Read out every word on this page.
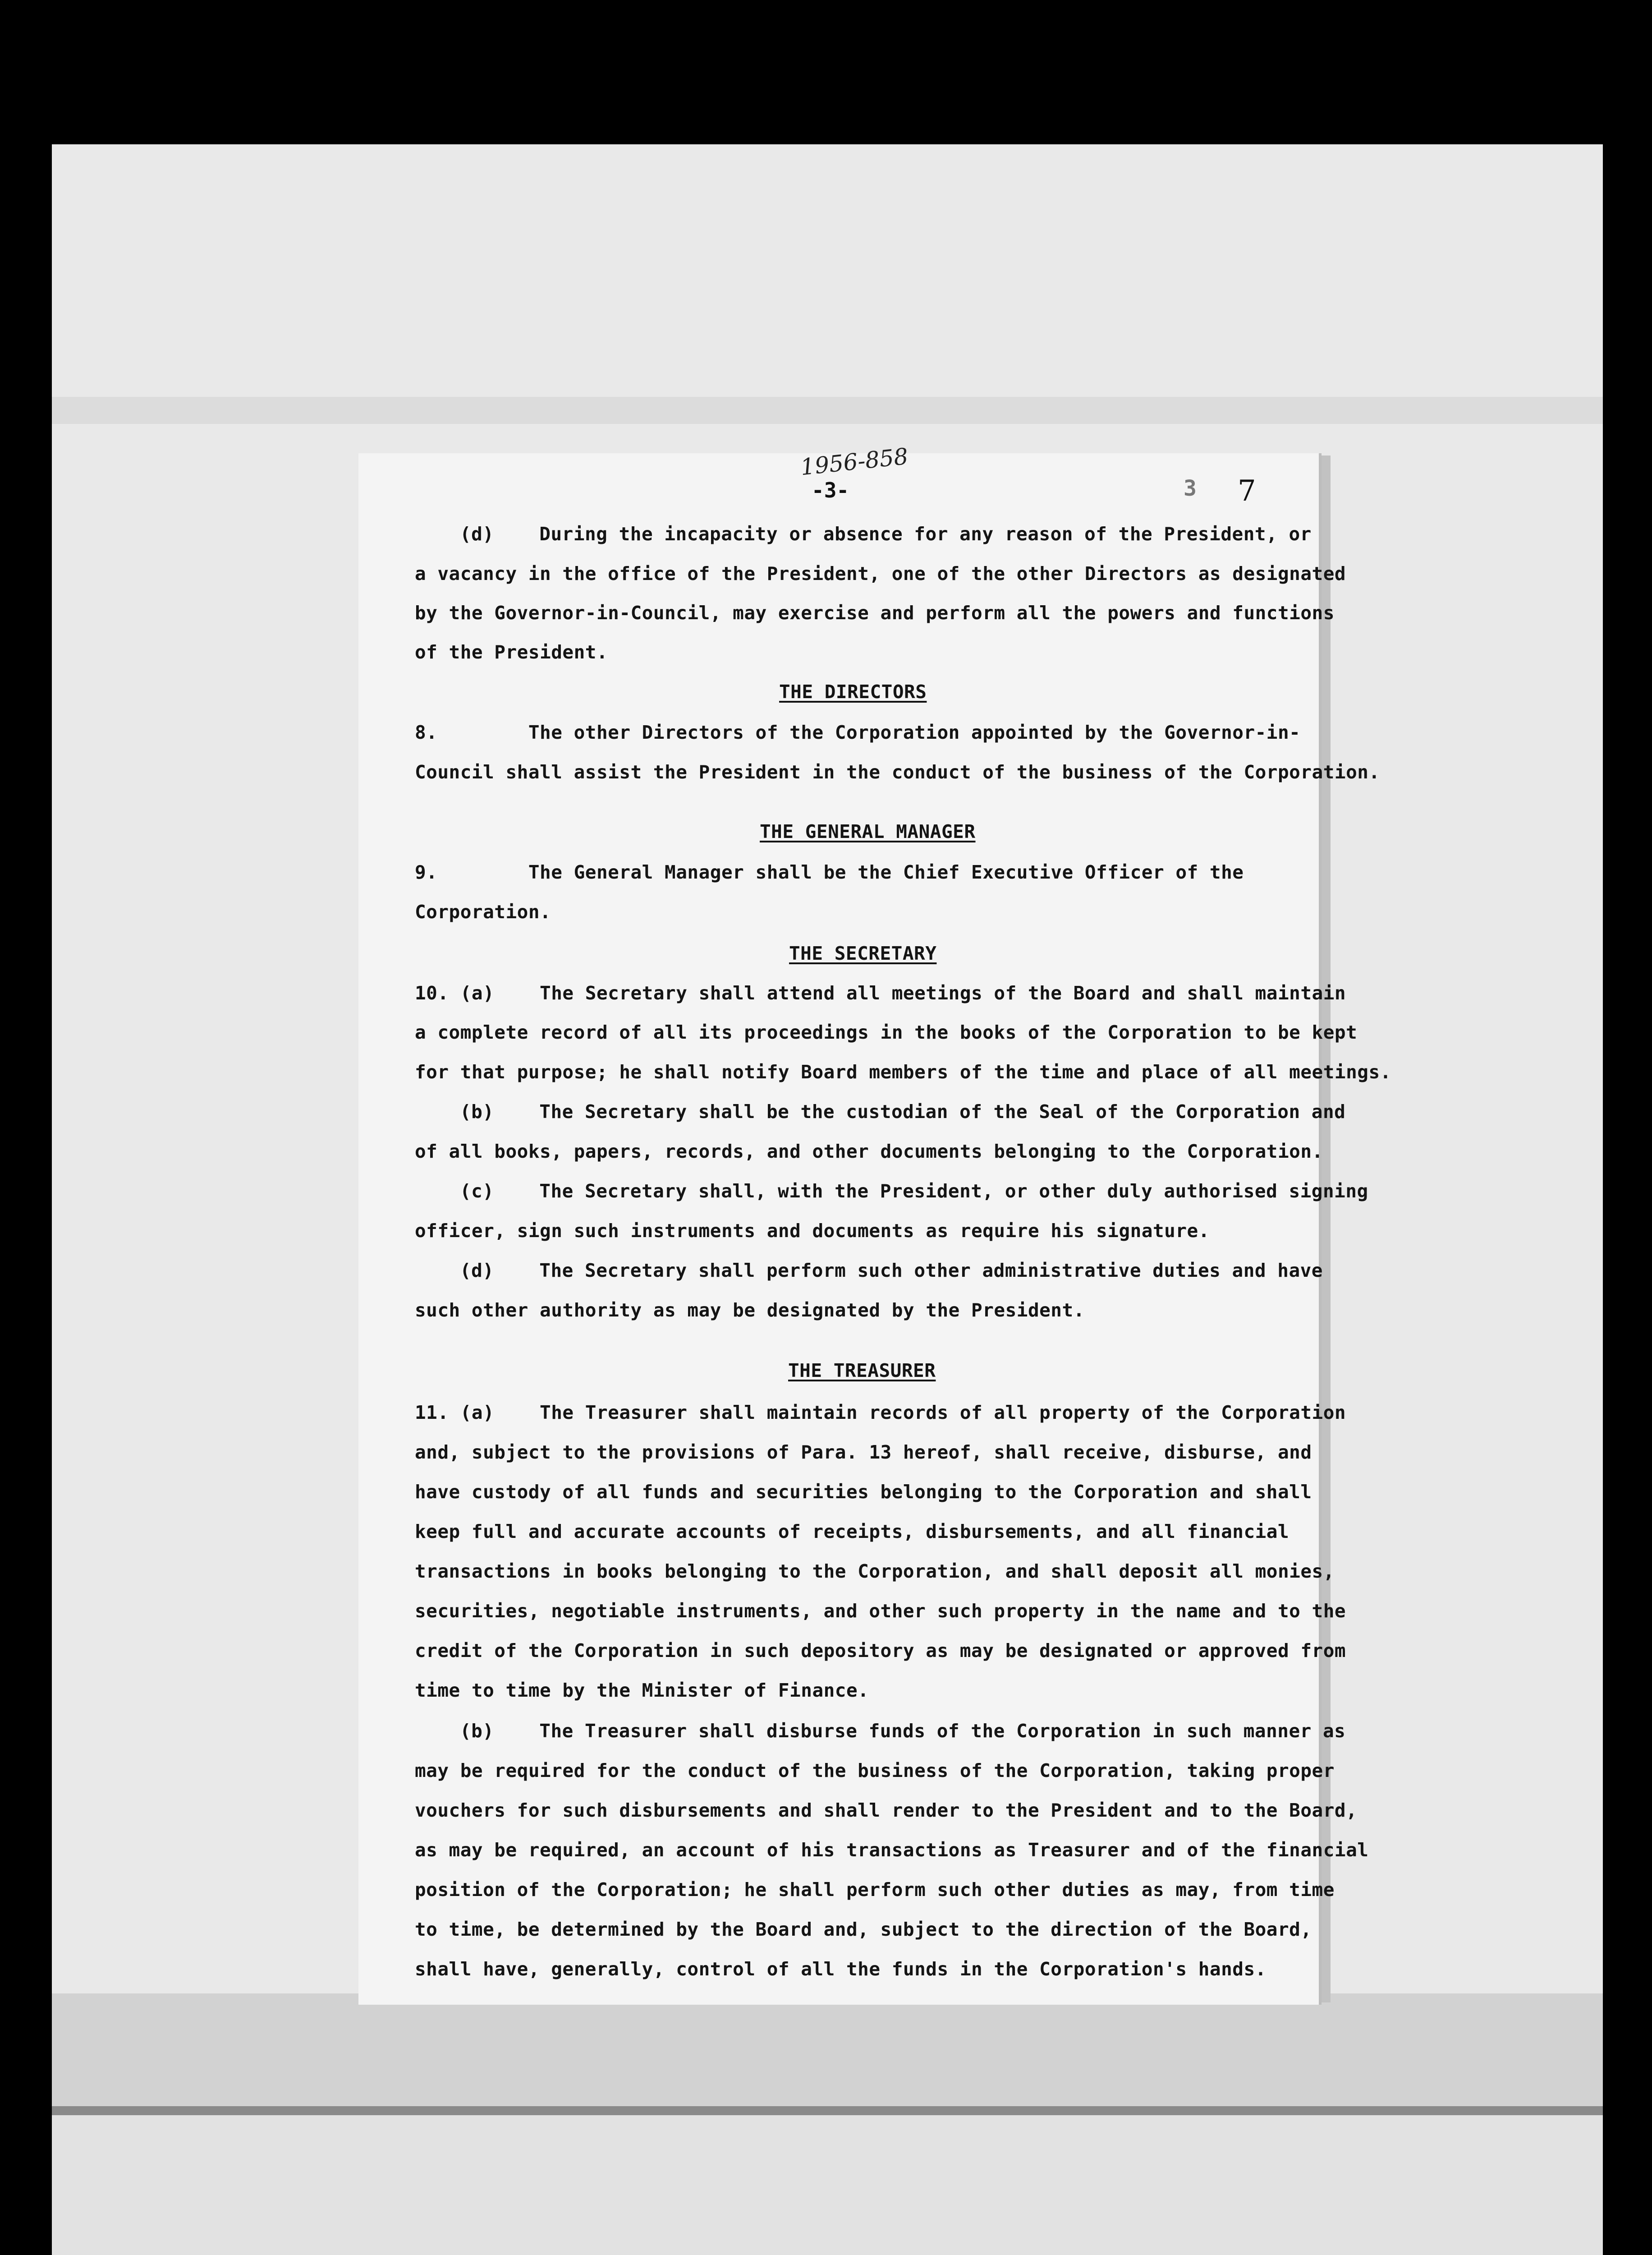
1956-858
-3-	3 7
(d)    During the incapacity or absence for any reason of the President, or
a vacancy in the office of the President, one of the other Directors as designated
by the Governor-in-Council, may exercise and perform all the powers and functions
of the President.
THE DIRECTORS
8.        The other Directors of the Corporation appointed by the Governor-in-
Council shall assist the President in the conduct of the business of the Corporation.
THE GENERAL MANAGER
9.        The General Manager shall be the Chief Executive Officer of the
Corporation.
THE SECRETARY
10. (a)    The Secretary shall attend all meetings of the Board and shall maintain
a complete record of all its proceedings in the books of the Corporation to be kept
for that purpose; he shall notify Board members of the time and place of all meetings.
(b)    The Secretary shall be the custodian of the Seal of the Corporation and
of all books, papers, records, and other documents belonging to the Corporation.
(c)    The Secretary shall, with the President, or other duly authorised signing
officer, sign such instruments and documents as require his signature.
(d)    The Secretary shall perform such other administrative duties and have
such other authority as may be designated by the President.
THE TREASURER
11. (a)    The Treasurer shall maintain records of all property of the Corporation
and, subject to the provisions of Para. 13 hereof, shall receive, disburse, and
have custody of all funds and securities belonging to the Corporation and shall
keep full and accurate accounts of receipts, disbursements, and all financial
transactions in books belonging to the Corporation, and shall deposit all monies,
securities, negotiable instruments, and other such property in the name and to the
credit of the Corporation in such depository as may be designated or approved from
time to time by the Minister of Finance.
(b)    The Treasurer shall disburse funds of the Corporation in such manner as
may be required for the conduct of the business of the Corporation, taking proper
vouchers for such disbursements and shall render to the President and to the Board,
as may be required, an account of his transactions as Treasurer and of the financial
position of the Corporation; he shall perform such other duties as may, from time
to time, be determined by the Board and, subject to the direction of the Board,
shall have, generally, control of all the funds in the Corporation's hands.
